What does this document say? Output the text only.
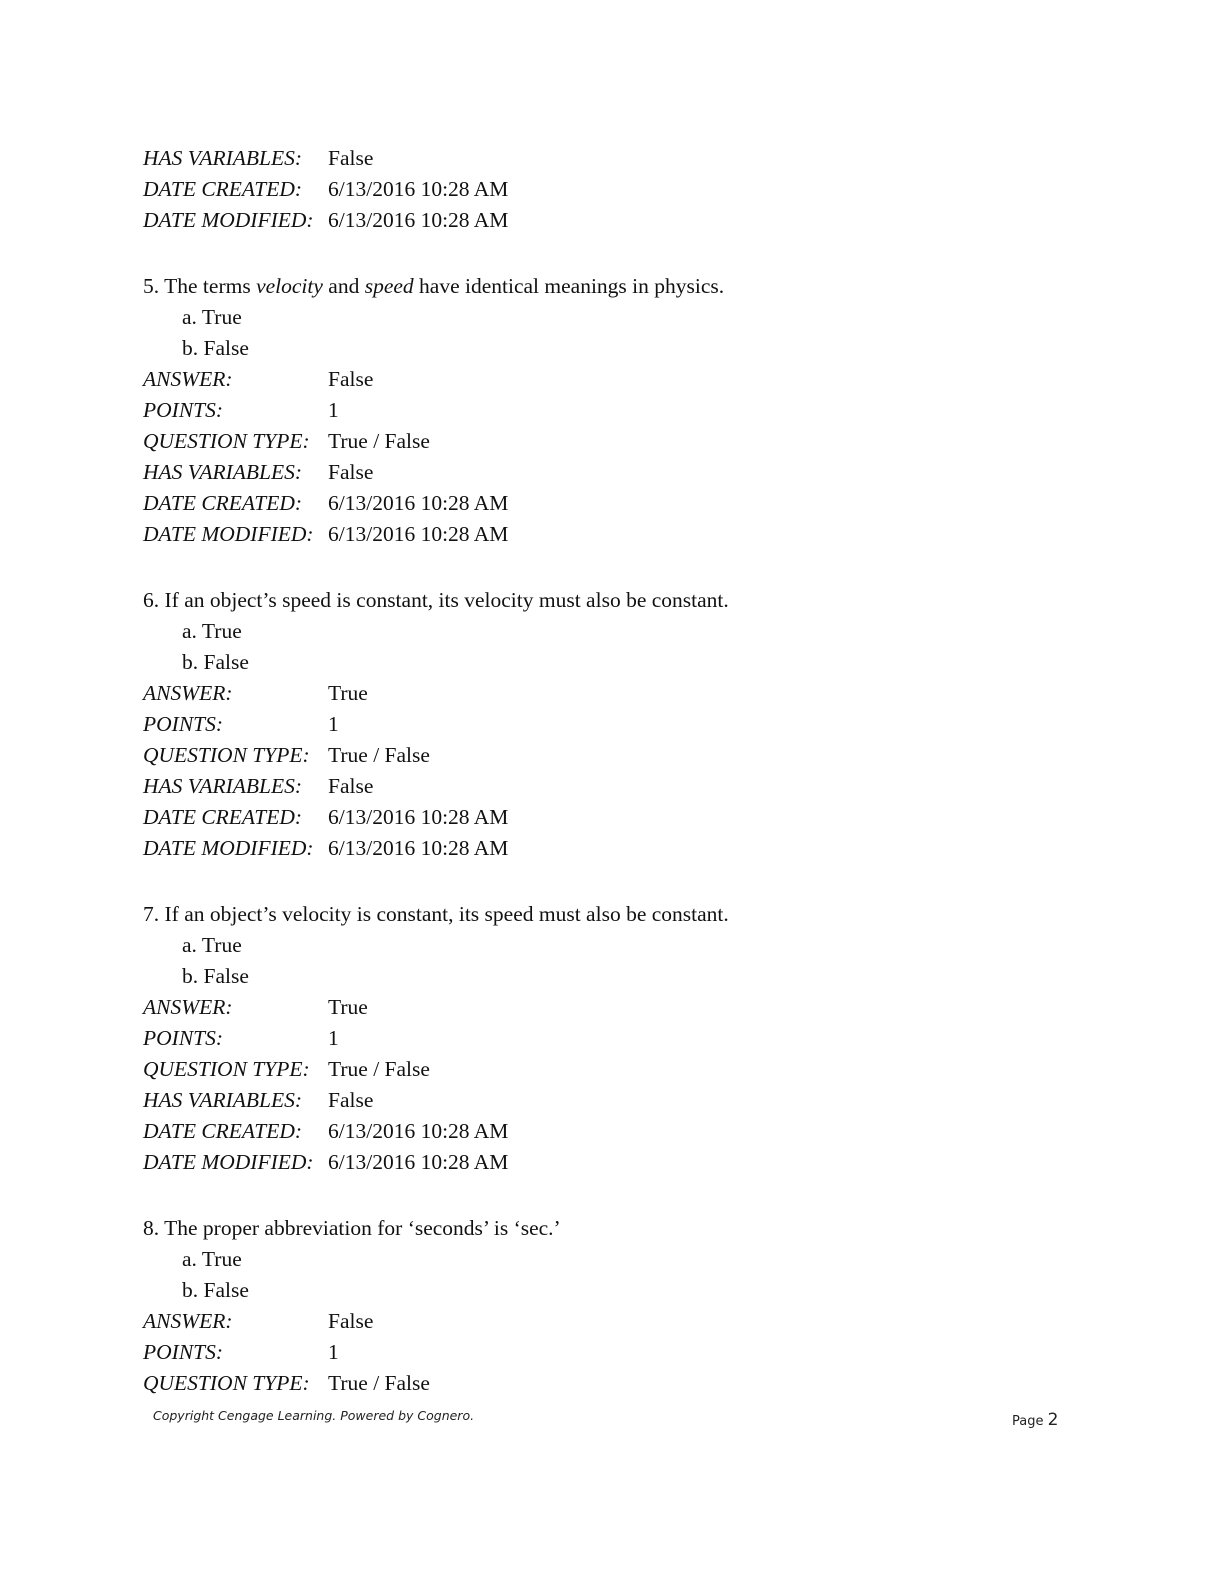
HAS VARIABLES:	False
DATE CREATED:	6/13/2016 10:28 AM
DATE MODIFIED: 6/13/2016 10:28 AM
5. The terms velocity and speed have identical meanings in physics.
a. True
b. False
ANSWER:	False
POINTS:	1
QUESTION TYPE: True / False
HAS VARIABLES:	False
DATE CREATED:	6/13/2016 10:28 AM
DATE MODIFIED: 6/13/2016 10:28 AM
6. If an object’s speed is constant, its velocity must also be constant.
a. True
b. False
ANSWER:	True
POINTS:	1
QUESTION TYPE: True / False
HAS VARIABLES:	False
DATE CREATED:	6/13/2016 10:28 AM
DATE MODIFIED: 6/13/2016 10:28 AM
7. If an object’s velocity is constant, its speed must also be constant.
a. True
b. False
ANSWER:	True
POINTS:	1
QUESTION TYPE: True / False
HAS VARIABLES:	False
DATE CREATED:	6/13/2016 10:28 AM
DATE MODIFIED: 6/13/2016 10:28 AM
8. The proper abbreviation for ‘seconds’ is ‘sec.’
a. True
b. False
ANSWER:	False
POINTS:	1
QUESTION TYPE: True / False
Copyright Cengage Learning. Powered by Cognero.	Page 2
